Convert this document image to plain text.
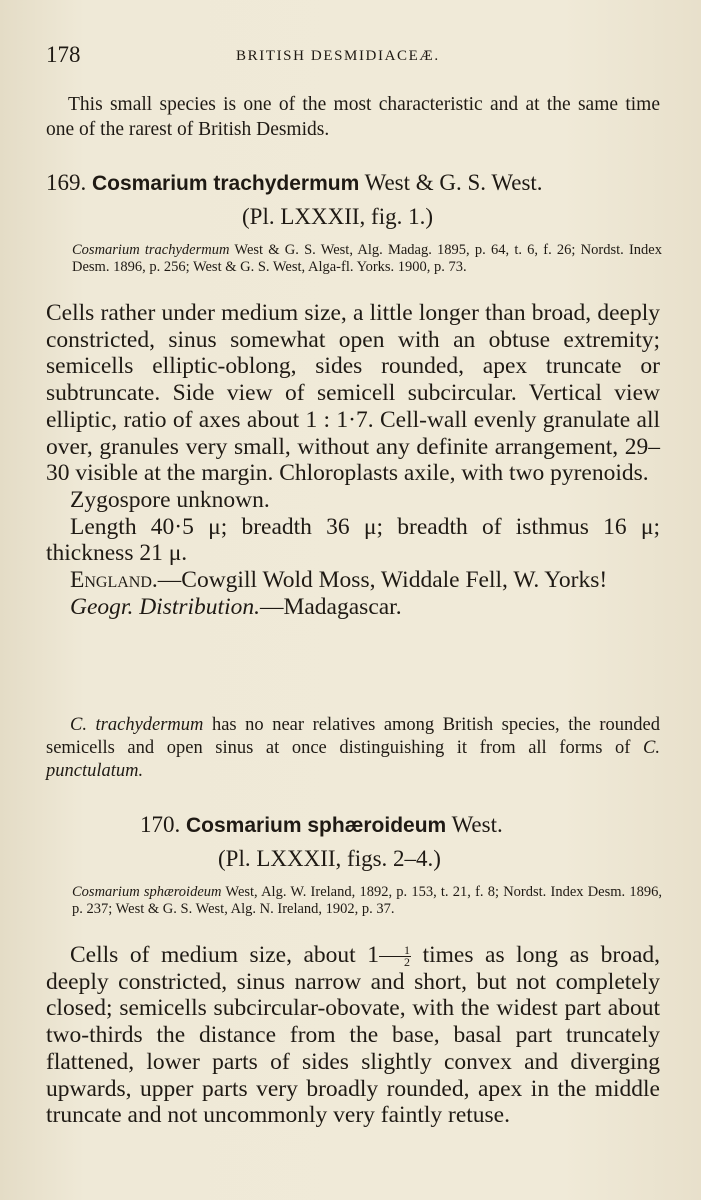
178	BRITISH DESMIDIACEÆ.

This small species is one of the most characteristic and at the same time one of the rarest of British Desmids.

169. Cosmarium trachydermum West & G. S. West.
(Pl. LXXXII, fig. 1.)
Cosmarium trachydermum West & G. S. West, Alg. Madag. 1895, p. 64, t. 6, f. 26; Nordst. Index Desm. 1896, p. 256; West & G. S. West, Alga-fl. Yorks. 1900, p. 73.

Cells rather under medium size, a little longer than broad, deeply constricted, sinus somewhat open with an obtuse extremity; semicells elliptic-oblong, sides rounded, apex truncate or subtruncate. Side view of semicell subcircular. Vertical view elliptic, ratio of axes about 1 : 1·7. Cell-wall evenly granulate all over, granules very small, without any definite arrangement, 29–30 visible at the margin. Chloroplasts axile, with two pyrenoids.

Zygospore unknown.

Length 40·5 μ; breadth 36 μ; breadth of isthmus 16 μ; thickness 21 μ.

England.—Cowgill Wold Moss, Widdale Fell, W. Yorks!

Geogr. Distribution.—Madagascar.

C. trachydermum has no near relatives among British species, the rounded semicells and open sinus at once distinguishing it from all forms of C. punctulatum.

170. Cosmarium sphæroideum West.
(Pl. LXXXII, figs. 2–4.)
Cosmarium sphæroideum West, Alg. W. Ireland, 1892, p. 153, t. 21, f. 8; Nordst. Index Desm. 1896, p. 237; West & G. S. West, Alg. N. Ireland, 1902, p. 37.

Cells of medium size, about $1 \frac{1}{2}$ times as long as broad, deeply constricted, sinus narrow and short, but not completely closed; semicells subcircular-obovate, with the widest part about two-thirds the distance from the base, basal part truncately flattened, lower parts of sides slightly convex and diverging upwards, upper parts very broadly rounded, apex in the middle truncate and not uncommonly very faintly retuse.
